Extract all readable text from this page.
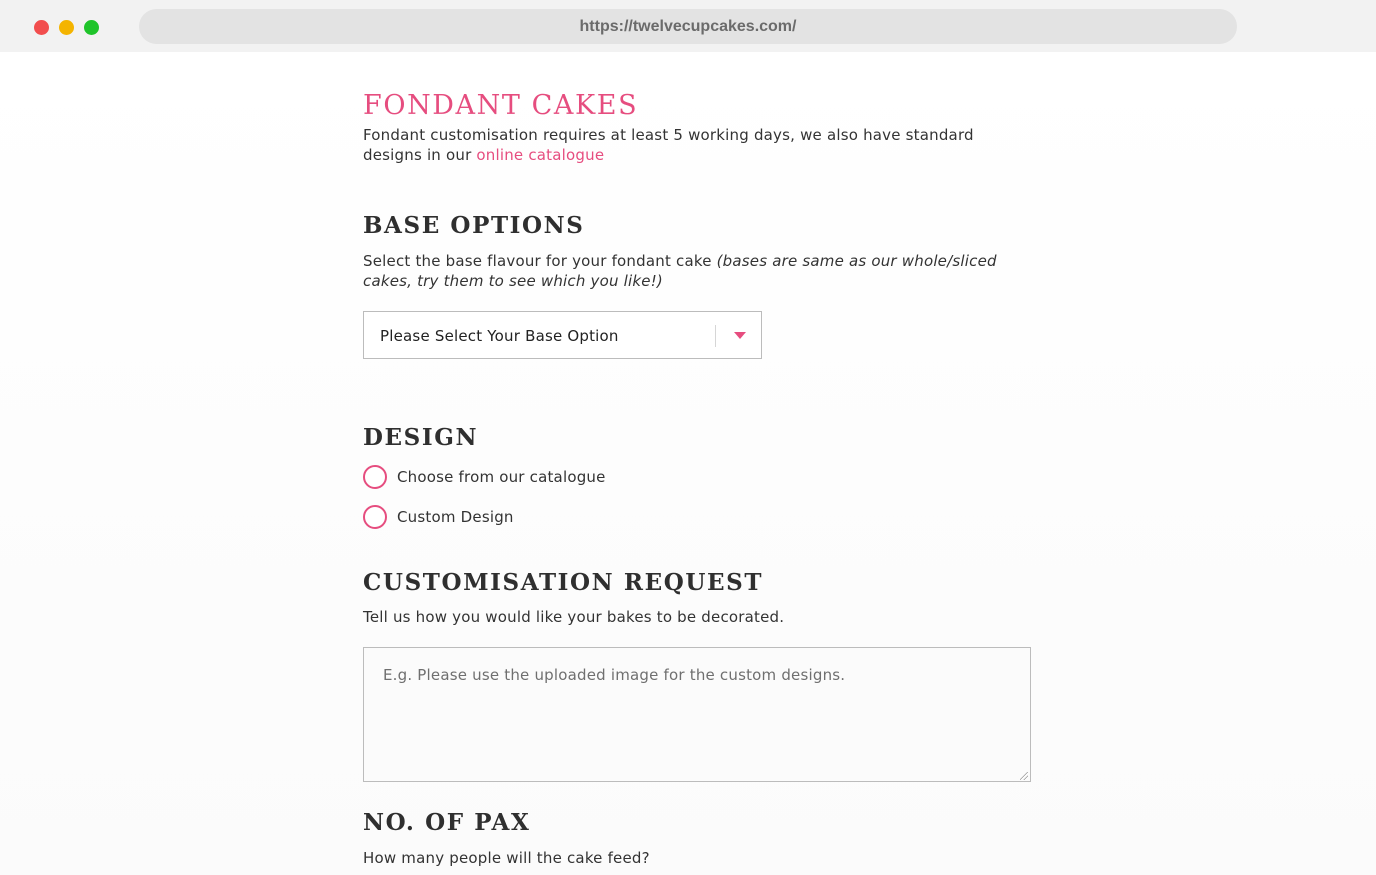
https://twelvecupcakes.com/
FONDANT CAKES

Fondant customisation requires at least 5 working days, we also have standard designs in our online catalogue

BASE OPTIONS

Select the base flavour for your fondant cake (bases are same as our whole/sliced cakes, try them to see which you like!)

Please Select Your Base Option
DESIGN
Choose from our catalogue
Custom Design
CUSTOMISATION REQUEST

Tell us how you would like your bakes to be decorated.

E.g. Please use the uploaded image for the custom designs.
NO. OF PAX

How many people will the cake feed?
